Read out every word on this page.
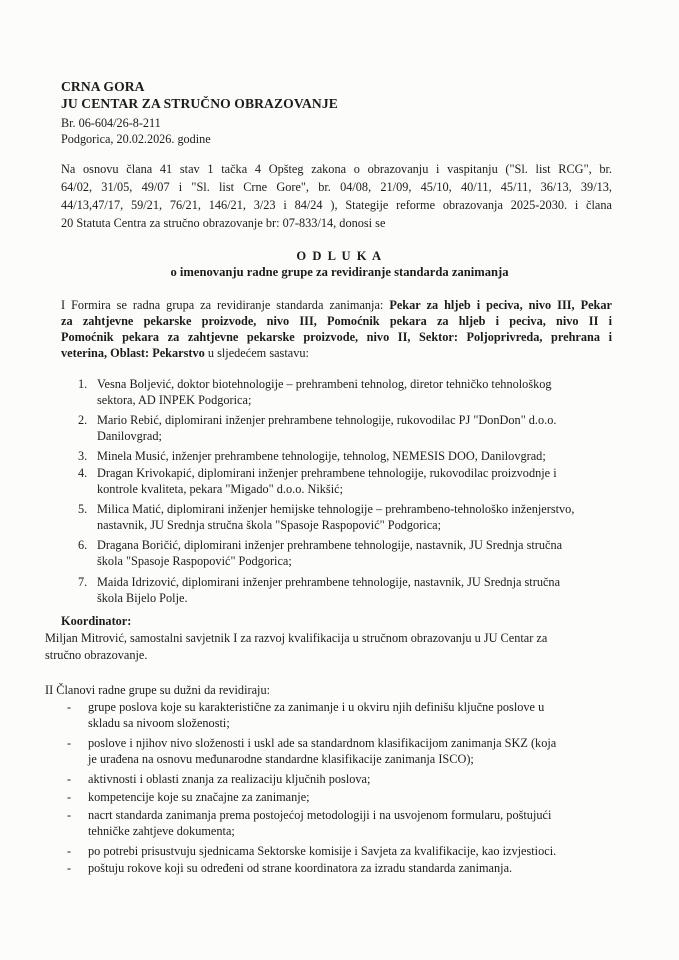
CRNA GORA
JU CENTAR ZA STRUČNO OBRAZOVANJE
Br. 06-604/26-8-211
Podgorica, 20.02.2026. godine
Na osnovu člana 41 stav 1 tačka 4 Opšteg zakona o obrazovanju i vaspitanju ("Sl. list RCG", br.
64/02, 31/05, 49/07 i "Sl. list Crne Gore", br. 04/08, 21/09, 45/10, 40/11, 45/11, 36/13, 39/13,
44/13,47/17, 59/21, 76/21, 146/21, 3/23 i 84/24 ), Stategije reforme obrazovanja 2025-2030. i člana
20 Statuta Centra za stručno obrazovanje br: 07-833/14, donosi se
O D L U K A
o imenovanju radne grupe za revidiranje standarda zanimanja
I Formira se radna grupa za revidiranje standarda zanimanja: Pekar za hljeb i peciva, nivo III, Pekar
za zahtjevne pekarske proizvode, nivo III, Pomoćnik pekara za hljeb i peciva, nivo II i
Pomoćnik pekara za zahtjevne pekarske proizvode, nivo II, Sektor: Poljoprivreda, prehrana i
veterina, Oblast: Pekarstvo u sljedećem sastavu:
1. Vesna Boljević, doktor biotehnologije – prehrambeni tehnolog, diretor tehničko tehnološkog
sektora, AD INPEK Podgorica;
2. Mario Rebić, diplomirani inženjer prehrambene tehnologije, rukovodilac PJ "DonDon" d.o.o.
Danilovgrad;
3. Minela Musić, inženjer prehrambene tehnologije, tehnolog, NEMESIS DOO, Danilovgrad;
4. Dragan Krivokapić, diplomirani inženjer prehrambene tehnologije, rukovodilac proizvodnje i
kontrole kvaliteta, pekara "Migado" d.o.o. Nikšić;
5. Milica Matić, diplomirani inženjer hemijske tehnologije – prehrambeno-tehnološko inženjerstvo,
nastavnik, JU Srednja stručna škola "Spasoje Raspopović" Podgorica;
6. Dragana Boričić, diplomirani inženjer prehrambene tehnologije, nastavnik, JU Srednja stručna
škola "Spasoje Raspopović" Podgorica;
7. Maida Idrizović, diplomirani inženjer prehrambene tehnologije, nastavnik, JU Srednja stručna
škola Bijelo Polje.
Koordinator:
Miljan Mitrović, samostalni savjetnik I za razvoj kvalifikacija u stručnom obrazovanju u JU Centar za
stručno obrazovanje.
II Članovi radne grupe su dužni da revidiraju:
- grupe poslova koje su karakteristične za zanimanje i u okviru njih definišu ključne poslove u
skladu sa nivoom složenosti;
- poslove i njihov nivo složenosti i uskl ade sa standardnom klasifikacijom zanimanja SKZ (koja
je urađena na osnovu međunarodne standardne klasifikacije zanimanja ISCO);
- aktivnosti i oblasti znanja za realizaciju ključnih poslova;
- kompetencije koje su značajne za zanimanje;
- nacrt standarda zanimanja prema postojećoj metodologiji i na usvojenom formularu, poštujući
tehničke zahtjeve dokumenta;
- po potrebi prisustvuju sjednicama Sektorske komisije i Savjeta za kvalifikacije, kao izvjestioci.
- poštuju rokove koji su određeni od strane koordinatora za izradu standarda zanimanja.
